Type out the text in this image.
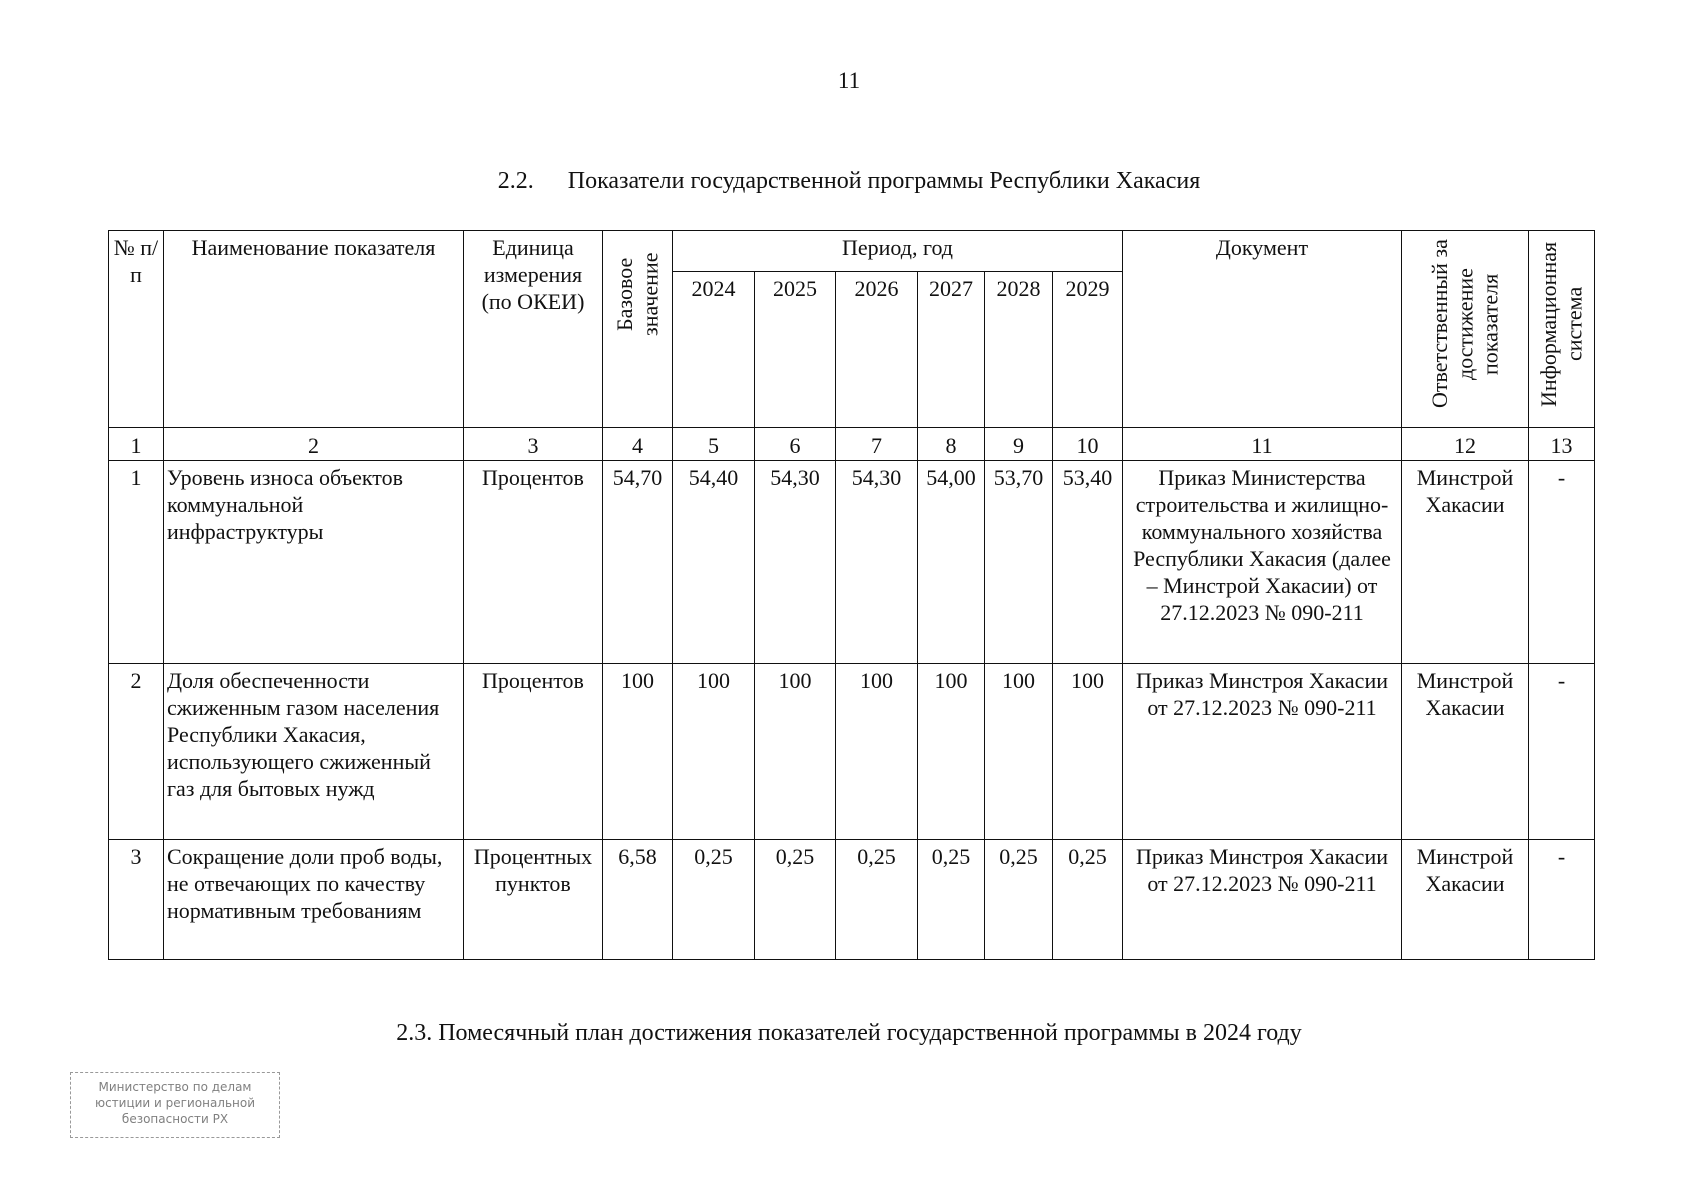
11
2.2. Показатели государственной программы Республики Хакасия
№ п/п	Наименование показателя	Единица измерения (по ОКЕИ)	Базовое значение	Период, год						Документ	Ответственный за достижение показателя	Информационная система

				2024	2025	2026	2027	2028	2029			
1	2	3	4	5	6	7	8	9	10	11	12	13
1	Уровень износа объектов коммунальной инфраструктуры	Процентов	54,70	54,40	54,30	54,30	54,00	53,70	53,40	Приказ Министерства строительства и жилищно-коммунального хозяйства Республики Хакасия (далее – Минстрой Хакасии) от 27.12.2023 № 090-211	Минстрой Хакасии	-
2	Доля обеспеченности сжиженным газом населения Республики Хакасия, использующего сжиженный газ для бытовых нужд	Процентов	100	100	100	100	100	100	100	Приказ Минстроя Хакасии от 27.12.2023 № 090-211	Минстрой Хакасии	-
3	Сокращение доли проб воды, не отвечающих по качеству нормативным требованиям	Процентных пунктов	6,58	0,25	0,25	0,25	0,25	0,25	0,25	Приказ Минстроя Хакасии от 27.12.2023 № 090-211	Минстрой Хакасии	-
2.3. Помесячный план достижения показателей государственной программы в 2024 году
Министерство по делам
юстиции и региональной
безопасности РХ
